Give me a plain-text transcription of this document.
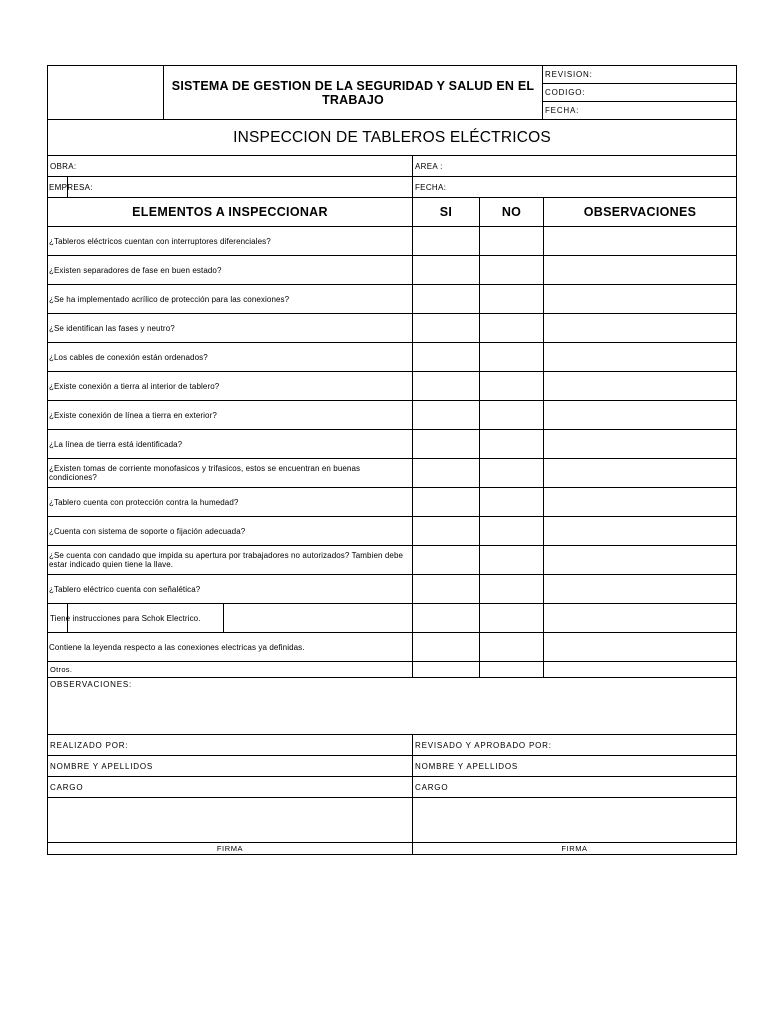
	SISTEMA DE GESTION DE LA SEGURIDAD Y SALUD EN EL TRABAJO	REVISION:
CODIGO:
FECHA:
INSPECCION DE TABLEROS ELÉCTRICOS			
OBRA:	AREA :		

EMPRESA:	FECHA:		
ELEMENTOS A INSPECCIONAR	SI	NO	OBSERVACIONES
¿Tableros eléctricos cuentan con interruptores diferenciales?			
¿Existen separadores de fase en buen estado?			
¿Se ha implementado acrílico de protección para las conexiones?			
¿Se identifican las fases y neutro?			
¿Los cables de conexión están ordenados?			
¿Existe conexión a tierra al interior de tablero?			
¿Existe conexión de línea a tierra en exterior?			
¿La línea de tierra está identificada?			
¿Existen tomas de corriente monofasicos y trifasicos, estos se encuentran en buenas condiciones?			
¿Tablero cuenta con protección contra la humedad?			
¿Cuenta con sistema de soporte o fijación adecuada?			
¿Se cuenta con candado que impida su apertura por trabajadores no autorizados? Tambien debe estar indicado quien tiene la llave.			
¿Tablero eléctrico cuenta con señalética?			

Tiene instrucciones para Schok Electrico.			

Contiene la leyenda respecto a las conexiones electricas ya definidas.			
Otros.			
OBSERVACIONES:	
REALIZADO POR:	REVISADO Y APROBADO POR:
NOMBRE Y APELLIDOS	NOMBRE Y APELLIDOS
CARGO	CARGO

FIRMA	FIRMA
